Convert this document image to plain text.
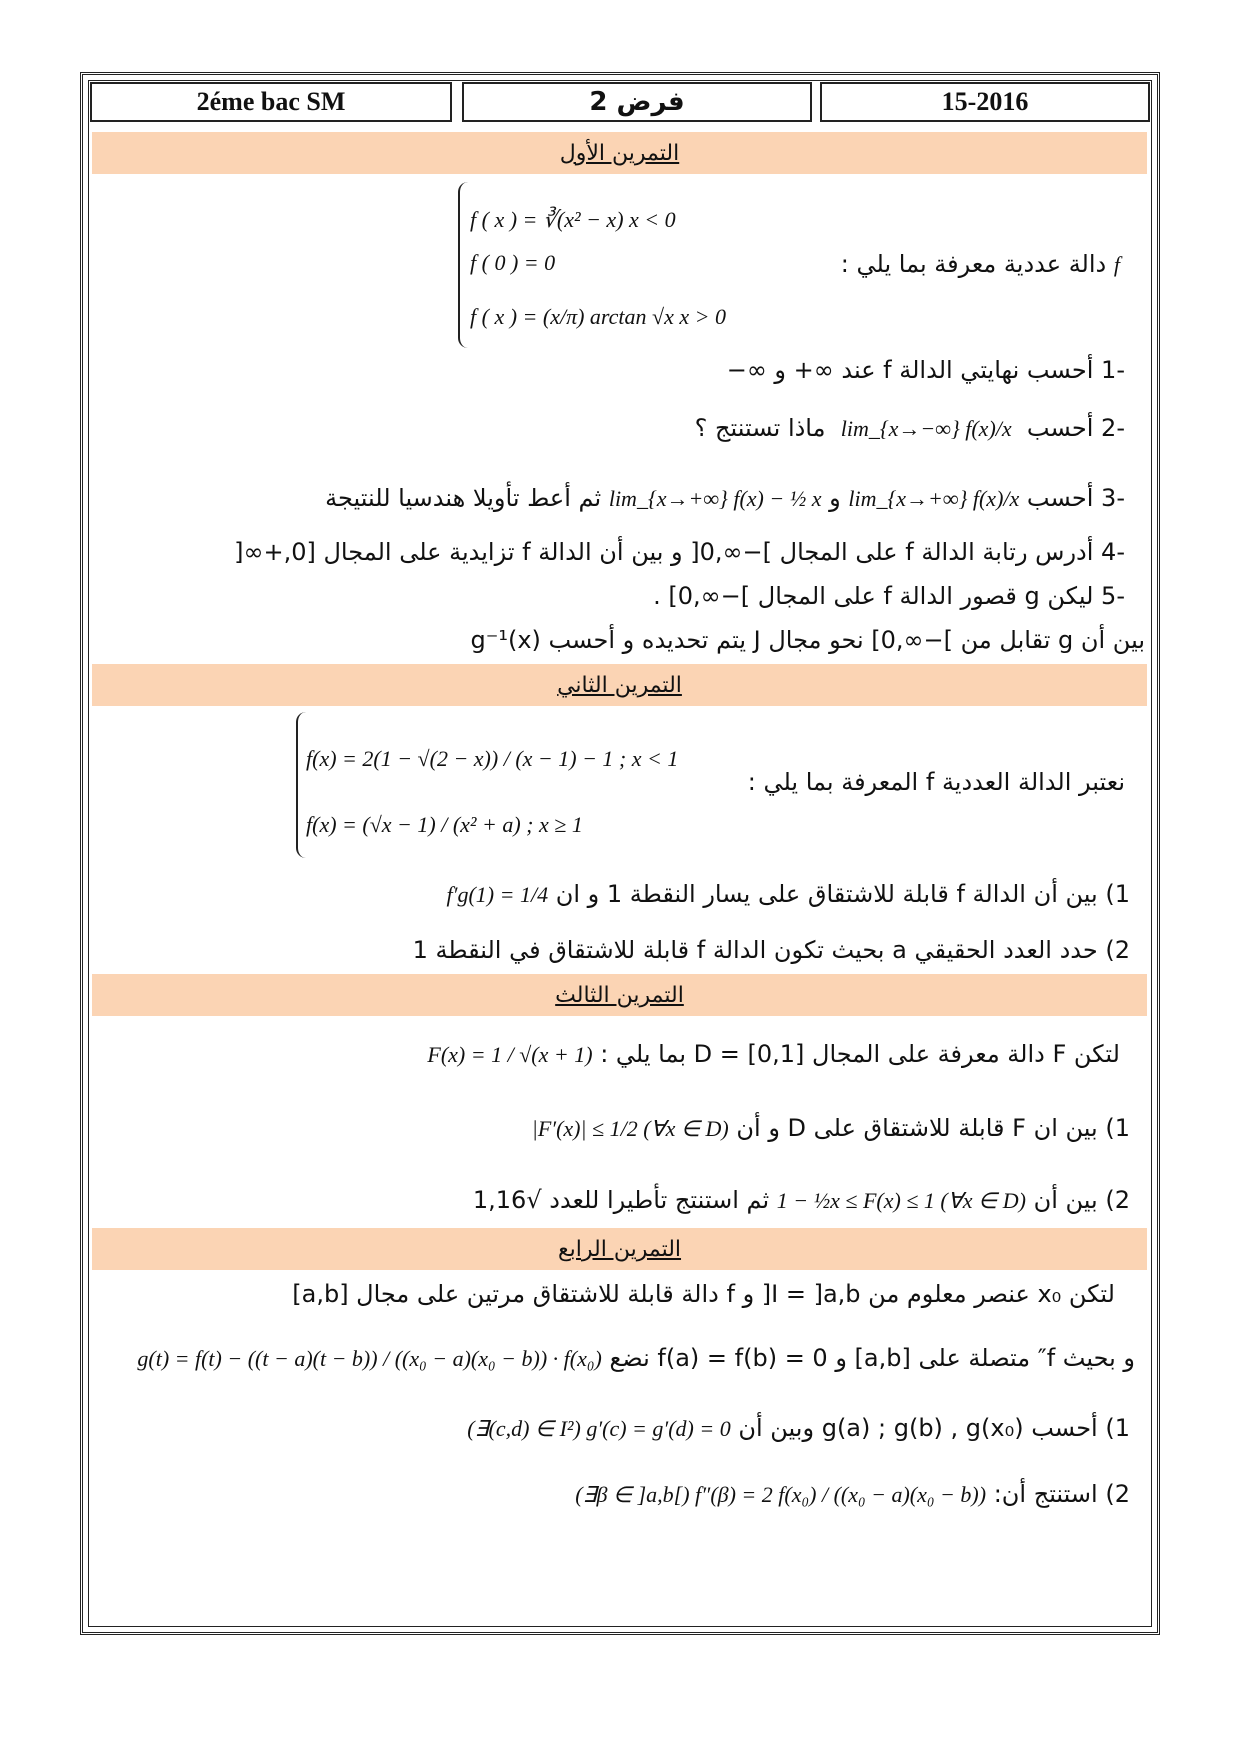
2éme bac SM	فرض 2	15-2016
التمرين الأول
f ( x ) = ∛(x² − x) x < 0
f ( 0 ) = 0
f ( x ) = (x/π) arctan √x x > 0
f دالة عددية معرفة بما يلي :
-1 أحسب نهايتي الدالة f عند ∞+ و ∞−
-2 أحسب  lim_{x→−∞} f(x)/x  ماذا تستنتج ؟
-3 أحسب lim_{x→+∞} f(x)/x و lim_{x→+∞} f(x) − ½ x ثم أعط تأويلا هندسيا للنتيجة
-4 أدرس رتابة الدالة f على المجال ]−∞,0[ و بين أن الدالة f تزايدية على المجال [0,+∞[
-5 ليكن g قصور الدالة f على المجال ]−∞,0] .
بين أن g تقابل من ]−∞,0] نحو مجال J يتم تحديده و أحسب g⁻¹(x)
التمرين الثاني
f(x) = 2(1 − √(2 − x)) / (x − 1) − 1 ; x < 1
f(x) = (√x − 1) / (x² + a) ; x ≥ 1
نعتبر الدالة العددية f المعرفة بما يلي :
1) بين أن الدالة f قابلة للاشتقاق على يسار النقطة 1 و ان f′g(1) = 1/4
2) حدد العدد الحقيقي a بحيث تكون الدالة f قابلة للاشتقاق في النقطة 1
التمرين الثالث
لتكن F دالة معرفة على المجال D = [0,1] بما يلي : F(x) = 1 / √(x + 1)
1) بين ان F قابلة للاشتقاق على D و أن |F′(x)| ≤ 1/2 (∀x ∈ D)
2) بين أن 1 − ½x ≤ F(x) ≤ 1 (∀x ∈ D) ثم استنتج تأطيرا للعدد √1,16
التمرين الرابع
لتكن x₀ عنصر معلوم من I = ]a,b[ و f دالة قابلة للاشتقاق مرتين على مجال [a,b]
و بحيث f″ متصلة على [a,b] و f(a) = f(b) = 0 نضع g(t) = f(t) − ((t − a)(t − b)) / ((x₀ − a)(x₀ − b)) · f(x₀)
1) أحسب g(a) ; g(b) , g(x₀) وبين أن (∃(c,d) ∈ I²) g′(c) = g′(d) = 0
2) استنتج أن: (∃β ∈ ]a,b[) f″(β) = 2 f(x₀) / ((x₀ − a)(x₀ − b))
